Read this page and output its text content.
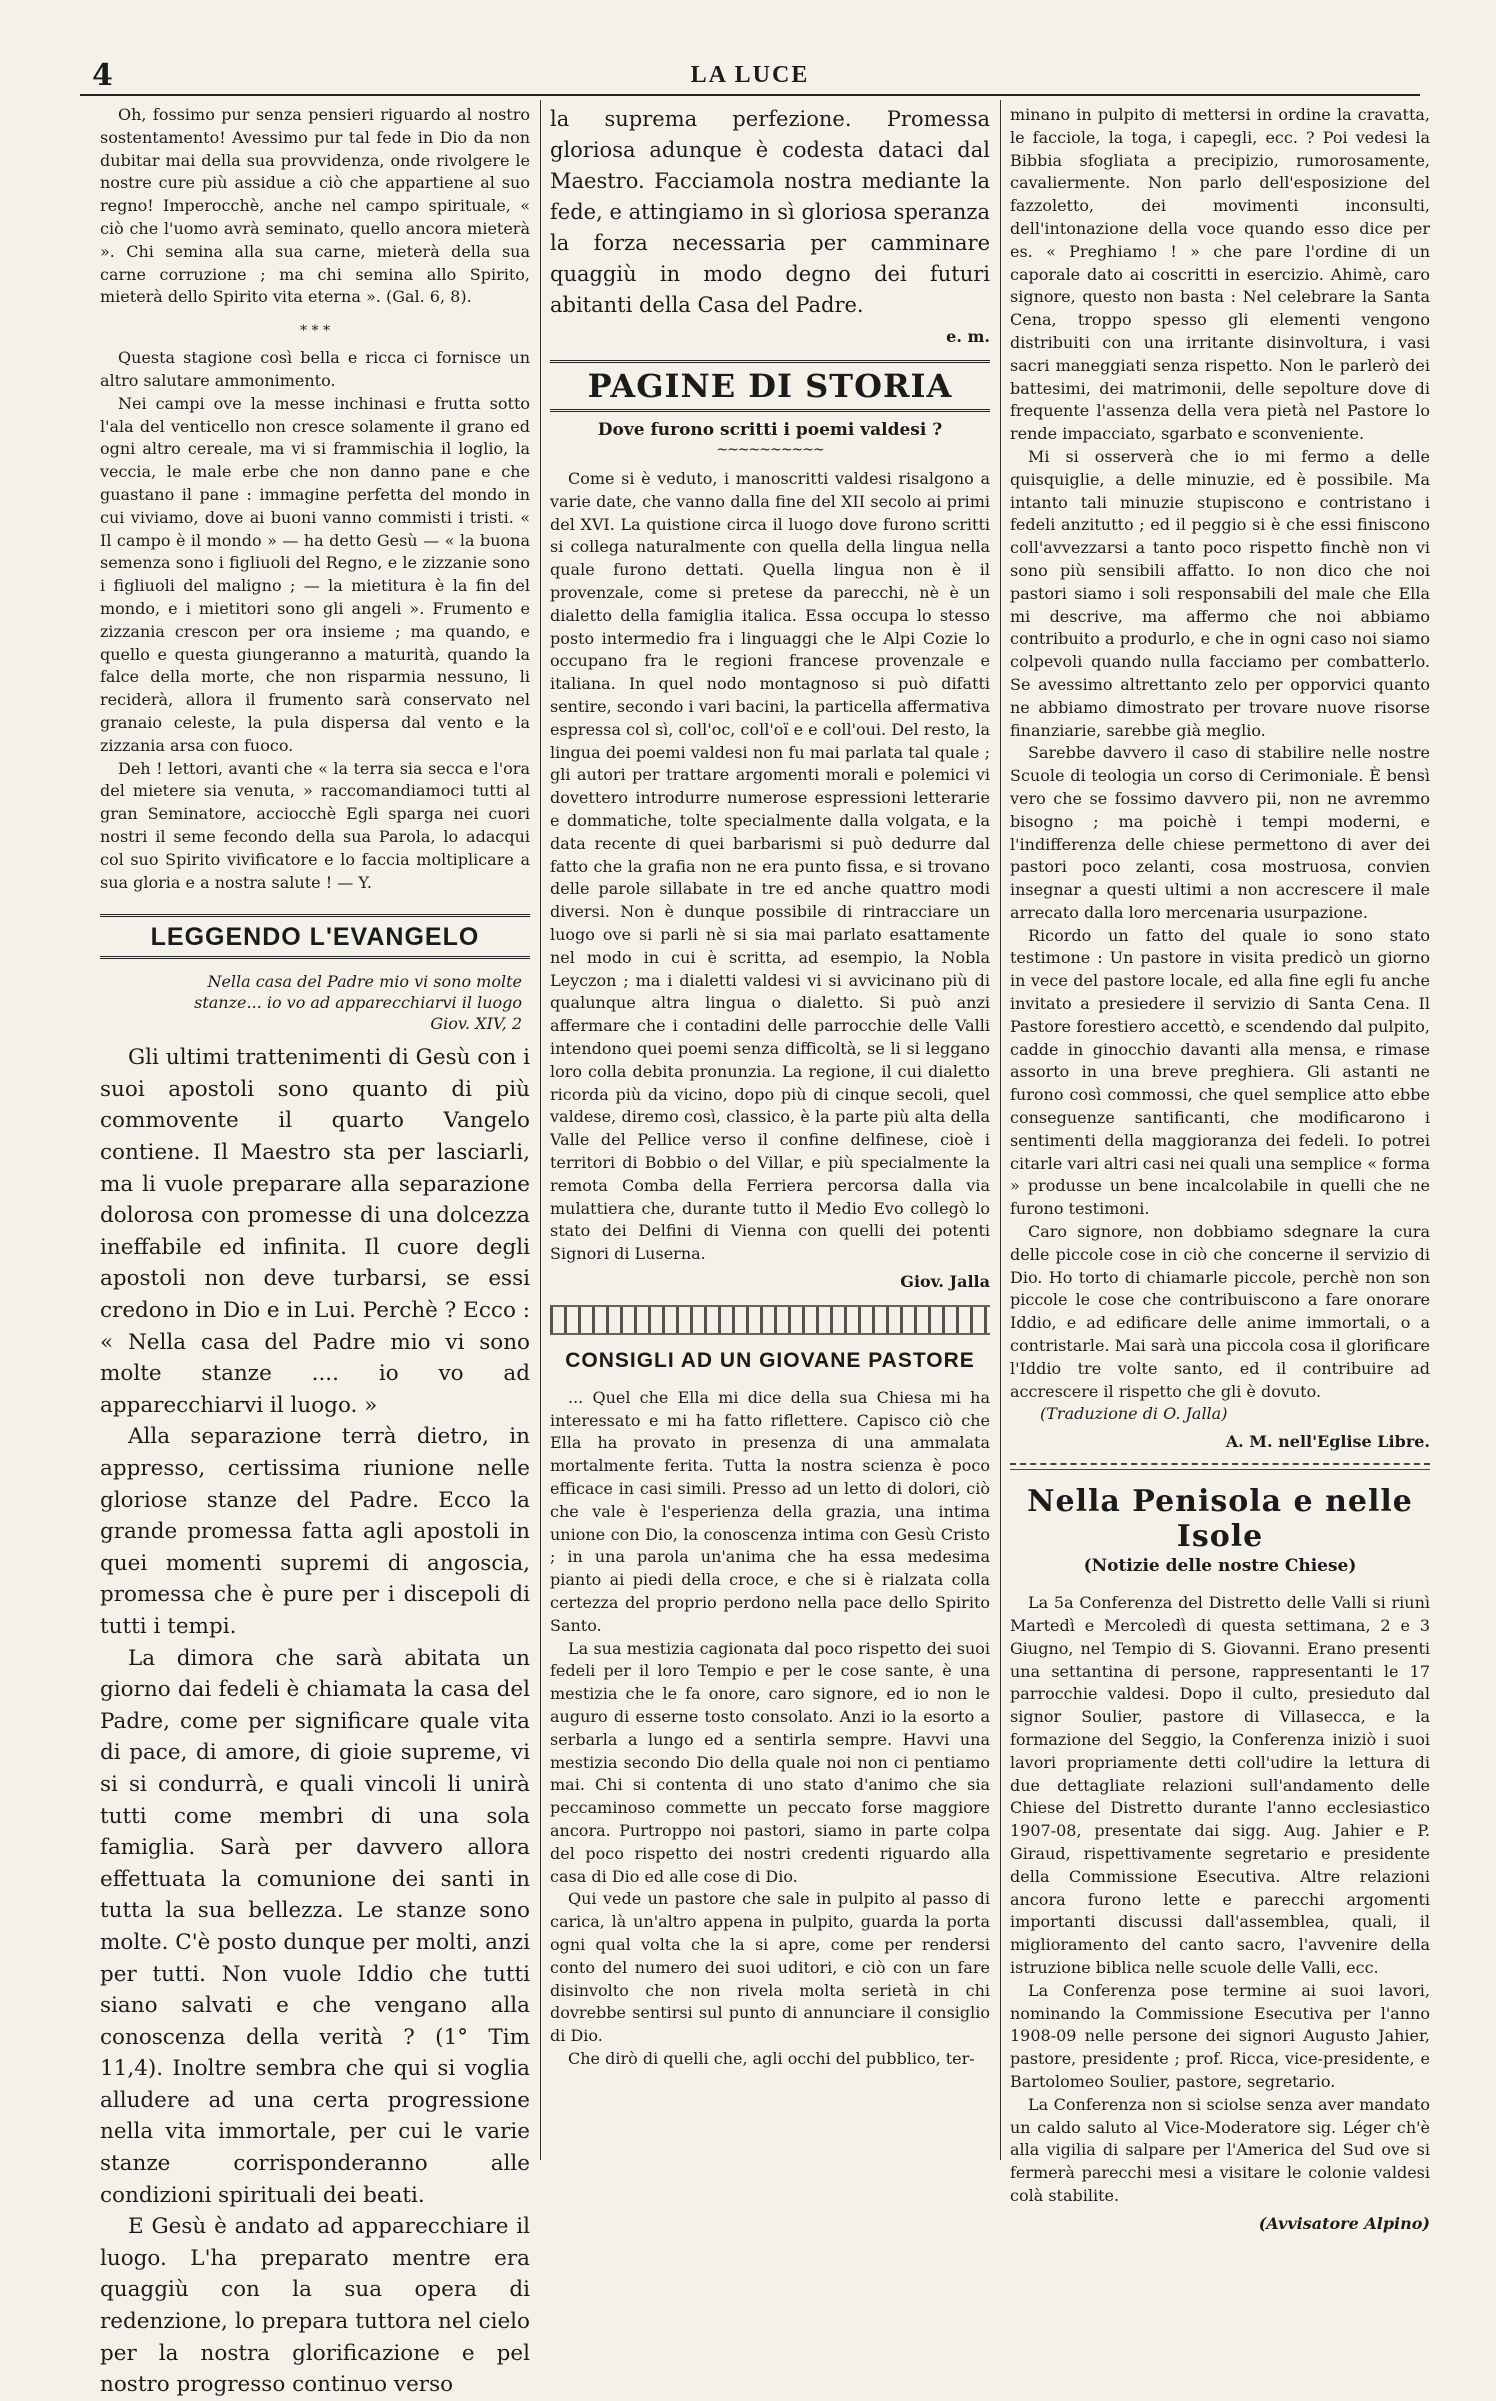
4	LA LUCE

Oh, fossimo pur senza pensieri riguardo al nostro sostentamento! Avessimo pur tal fede in Dio da non dubitar mai della sua provvidenza, onde rivolgere le nostre cure più assidue a ciò che appartiene al suo regno! Imperocchè, anche nel campo spirituale, « ciò che l'uomo avrà seminato, quello ancora mieterà ». Chi semina alla sua carne, mieterà della sua carne corruzione ; ma chi semina allo Spirito, mieterà dello Spirito vita eterna ». (Gal. 6, 8).

* * *

Questa stagione così bella e ricca ci fornisce un altro salutare ammonimento.

Nei campi ove la messe inchinasi e frutta sotto l'ala del venticello non cresce solamente il grano ed ogni altro cereale, ma vi si frammischia il loglio, la veccia, le male erbe che non danno pane e che guastano il pane : immagine perfetta del mondo in cui viviamo, dove ai buoni vanno commisti i tristi. « Il campo è il mondo » — ha detto Gesù — « la buona semenza sono i figliuoli del Regno, e le zizzanie sono i figliuoli del maligno ; — la mietitura è la fin del mondo, e i mietitori sono gli angeli ». Frumento e zizzania crescon per ora insieme ; ma quando, e quello e questa giungeranno a maturità, quando la falce della morte, che non risparmia nessuno, li reciderà, allora il frumento sarà conservato nel granaio celeste, la pula dispersa dal vento e la zizzania arsa con fuoco.

Deh ! lettori, avanti che « la terra sia secca e l'ora del mietere sia venuta, » raccomandiamoci tutti al gran Seminatore, acciocchè Egli sparga nei cuori nostri il seme fecondo della sua Parola, lo adacqui col suo Spirito vivificatore e lo faccia moltiplicare a sua gloria e a nostra salute ! — Y.

LEGGENDO L'EVANGELO
Nella casa del Padre mio vi sono molte stanze... io vo ad apparecchiarvi il luogo
Giov. XIV, 2

Gli ultimi trattenimenti di Gesù con i suoi apostoli sono quanto di più commovente il quarto Vangelo contiene. Il Maestro sta per lasciarli, ma li vuole preparare alla separazione dolorosa con promesse di una dolcezza ineffabile ed infinita. Il cuore degli apostoli non deve turbarsi, se essi credono in Dio e in Lui. Perchè ? Ecco : « Nella casa del Padre mio vi sono molte stanze .... io vo ad apparecchiarvi il luogo. »

Alla separazione terrà dietro, in appresso, certissima riunione nelle gloriose stanze del Padre. Ecco la grande promessa fatta agli apostoli in quei momenti supremi di angoscia, promessa che è pure per i discepoli di tutti i tempi.

La dimora che sarà abitata un giorno dai fedeli è chiamata la casa del Padre, come per significare quale vita di pace, di amore, di gioie supreme, vi si si condurrà, e quali vincoli li unirà tutti come membri di una sola famiglia. Sarà per davvero allora effettuata la comunione dei santi in tutta la sua bellezza. Le stanze sono molte. C'è posto dunque per molti, anzi per tutti. Non vuole Iddio che tutti siano salvati e che vengano alla conoscenza della verità ? (1° Tim 11,4). Inoltre sembra che qui si voglia alludere ad una certa progressione nella vita immortale, per cui le varie stanze corrisponderanno alle condizioni spirituali dei beati.

E Gesù è andato ad apparecchiare il luogo. L'ha preparato mentre era quaggiù con la sua opera di redenzione, lo prepara tuttora nel cielo per la nostra glorificazione e pel nostro progresso continuo verso

la suprema perfezione. Promessa gloriosa adunque è codesta dataci dal Maestro. Facciamola nostra mediante la fede, e attingiamo in sì gloriosa speranza la forza necessaria per camminare quaggiù in modo degno dei futuri abitanti della Casa del Padre.

e. m.
PAGINE DI STORIA
Dove furono scritti i poemi valdesi ?
~~~~~~~~~~

Come si è veduto, i manoscritti valdesi risalgono a varie date, che vanno dalla fine del XII secolo ai primi del XVI. La quistione circa il luogo dove furono scritti si collega naturalmente con quella della lingua nella quale furono dettati. Quella lingua non è il provenzale, come si pretese da parecchi, nè è un dialetto della famiglia italica. Essa occupa lo stesso posto intermedio fra i linguaggi che le Alpi Cozie lo occupano fra le regioni francese provenzale e italiana. In quel nodo montagnoso si può difatti sentire, secondo i vari bacini, la particella affermativa espressa col sì, coll'oc, coll'oï e e coll'oui. Del resto, la lingua dei poemi valdesi non fu mai parlata tal quale ; gli autori per trattare argomenti morali e polemici vi dovettero introdurre numerose espressioni letterarie e dommatiche, tolte specialmente dalla volgata, e la data recente di quei barbarismi si può dedurre dal fatto che la grafia non ne era punto fissa, e si trovano delle parole sillabate in tre ed anche quattro modi diversi. Non è dunque possibile di rintracciare un luogo ove si parli nè si sia mai parlato esattamente nel modo in cui è scritta, ad esempio, la Nobla Leyczon ; ma i dialetti valdesi vi si avvicinano più di qualunque altra lingua o dialetto. Si può anzi affermare che i contadini delle parrocchie delle Valli intendono quei poemi senza difficoltà, se li si leggano loro colla debita pronunzia. La regione, il cui dialetto ricorda più da vicino, dopo più di cinque secoli, quel valdese, diremo così, classico, è la parte più alta della Valle del Pellice verso il confine delfinese, cioè i territori di Bobbio o del Villar, e più specialmente la remota Comba della Ferriera percorsa dalla via mulattiera che, durante tutto il Medio Evo collegò lo stato dei Delfini di Vienna con quelli dei potenti Signori di Luserna.

Giov. Jalla
CONSIGLI AD UN GIOVANE PASTORE

... Quel che Ella mi dice della sua Chiesa mi ha interessato e mi ha fatto riflettere. Capisco ciò che Ella ha provato in presenza di una ammalata mortalmente ferita. Tutta la nostra scienza è poco efficace in casi simili. Presso ad un letto di dolori, ciò che vale è l'esperienza della grazia, una intima unione con Dio, la conoscenza intima con Gesù Cristo ; in una parola un'anima che ha essa medesima pianto ai piedi della croce, e che si è rialzata colla certezza del proprio perdono nella pace dello Spirito Santo.

La sua mestizia cagionata dal poco rispetto dei suoi fedeli per il loro Tempio e per le cose sante, è una mestizia che le fa onore, caro signore, ed io non le auguro di esserne tosto consolato. Anzi io la esorto a serbarla a lungo ed a sentirla sempre. Havvi una mestizia secondo Dio della quale noi non ci pentiamo mai. Chi si contenta di uno stato d'animo che sia peccaminoso commette un peccato forse maggiore ancora. Purtroppo noi pastori, siamo in parte colpa del poco rispetto dei nostri credenti riguardo alla casa di Dio ed alle cose di Dio.

Qui vede un pastore che sale in pulpito al passo di carica, là un'altro appena in pulpito, guarda la porta ogni qual volta che la si apre, come per rendersi conto del numero dei suoi uditori, e ciò con un fare disinvolto che non rivela molta serietà in chi dovrebbe sentirsi sul punto di annunciare il consiglio di Dio.

Che dirò di quelli che, agli occhi del pubblico, ter-

minano in pulpito di mettersi in ordine la cravatta, le facciole, la toga, i capegli, ecc. ? Poi vedesi la Bibbia sfogliata a precipizio, rumorosamente, cavaliermente. Non parlo dell'esposizione del fazzoletto, dei movimenti inconsulti, dell'intonazione della voce quando esso dice per es. « Preghiamo ! » che pare l'ordine di un caporale dato ai coscritti in esercizio. Ahimè, caro signore, questo non basta : Nel celebrare la Santa Cena, troppo spesso gli elementi vengono distribuiti con una irritante disinvoltura, i vasi sacri maneggiati senza rispetto. Non le parlerò dei battesimi, dei matrimonii, delle sepolture dove di frequente l'assenza della vera pietà nel Pastore lo rende impacciato, sgarbato e sconveniente.

Mi si osserverà che io mi fermo a delle quisquiglie, a delle minuzie, ed è possibile. Ma intanto tali minuzie stupiscono e contristano i fedeli anzitutto ; ed il peggio si è che essi finiscono coll'avvezzarsi a tanto poco rispetto finchè non vi sono più sensibili affatto. Io non dico che noi pastori siamo i soli responsabili del male che Ella mi descrive, ma affermo che noi abbiamo contribuito a produrlo, e che in ogni caso noi siamo colpevoli quando nulla facciamo per combatterlo. Se avessimo altrettanto zelo per opporvici quanto ne abbiamo dimostrato per trovare nuove risorse finanziarie, sarebbe già meglio.

Sarebbe davvero il caso di stabilire nelle nostre Scuole di teologia un corso di Cerimoniale. È bensì vero che se fossimo davvero pii, non ne avremmo bisogno ; ma poichè i tempi moderni, e l'indifferenza delle chiese permettono di aver dei pastori poco zelanti, cosa mostruosa, convien insegnar a questi ultimi a non accrescere il male arrecato dalla loro mercenaria usurpazione.

Ricordo un fatto del quale io sono stato testimone : Un pastore in visita predicò un giorno in vece del pastore locale, ed alla fine egli fu anche invitato a presiedere il servizio di Santa Cena. Il Pastore forestiero accettò, e scendendo dal pulpito, cadde in ginocchio davanti alla mensa, e rimase assorto in una breve preghiera. Gli astanti ne furono così commossi, che quel semplice atto ebbe conseguenze santificanti, che modificarono i sentimenti della maggioranza dei fedeli. Io potrei citarle vari altri casi nei quali una semplice « forma » produsse un bene incalcolabile in quelli che ne furono testimoni.

Caro signore, non dobbiamo sdegnare la cura delle piccole cose in ciò che concerne il servizio di Dio. Ho torto di chiamarle piccole, perchè non son piccole le cose che contribuiscono a fare onorare Iddio, e ad edificare delle anime immortali, o a contristarle. Mai sarà una piccola cosa il glorificare l'Iddio tre volte santo, ed il contribuire ad accrescere il rispetto che gli è dovuto.

(Traduzione di O. Jalla)
A. M. nell'Eglise Libre.
Nella Penisola e nelle Isole
(Notizie delle nostre Chiese)

La 5a Conferenza del Distretto delle Valli si riunì Martedì e Mercoledì di questa settimana, 2 e 3 Giugno, nel Tempio di S. Giovanni. Erano presenti una settantina di persone, rappresentanti le 17 parrocchie valdesi. Dopo il culto, presieduto dal signor Soulier, pastore di Villasecca, e la formazione del Seggio, la Conferenza iniziò i suoi lavori propriamente detti coll'udire la lettura di due dettagliate relazioni sull'andamento delle Chiese del Distretto durante l'anno ecclesiastico 1907-08, presentate dai sigg. Aug. Jahier e P. Giraud, rispettivamente segretario e presidente della Commissione Esecutiva. Altre relazioni ancora furono lette e parecchi argomenti importanti discussi dall'assemblea, quali, il miglioramento del canto sacro, l'avvenire della istruzione biblica nelle scuole delle Valli, ecc.

La Conferenza pose termine ai suoi lavori, nominando la Commissione Esecutiva per l'anno 1908-09 nelle persone dei signori Augusto Jahier, pastore, presidente ; prof. Ricca, vice-presidente, e Bartolomeo Soulier, pastore, segretario.

La Conferenza non si sciolse senza aver mandato un caldo saluto al Vice-Moderatore sig. Léger ch'è alla vigilia di salpare per l'America del Sud ove si fermerà parecchi mesi a visitare le colonie valdesi colà stabilite.

(Avvisatore Alpino)
